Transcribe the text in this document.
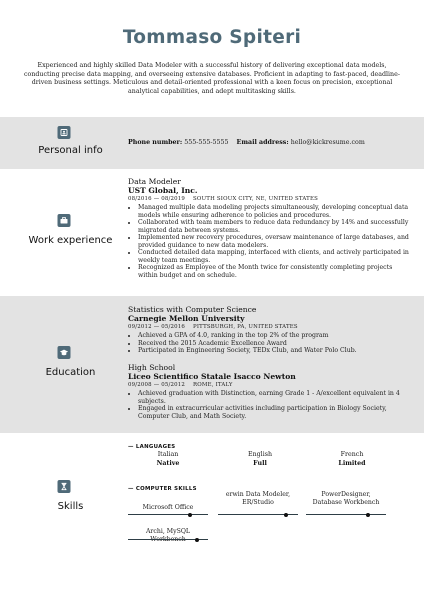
Tommaso Spiteri
Experienced and highly skilled Data Modeler with a successful history of delivering exceptional data models, conducting precise data mapping, and overseeing extensive databases. Proficient in adapting to fast-paced, deadline-driven business settings. Meticulous and detail-oriented professional with a keen focus on precision, exceptional analytical capabilities, and adept multitasking skills.
Personal info
Phone number: 555-555-5555 Email address: hello@kickresume.com
Work experience
Data Modeler
UST Global, Inc.
08/2016 — 08/2019 SOUTH SIOUX CITY, NE, UNITED STATES
• Managed multiple data modeling projects simultaneously, developing conceptual data models while ensuring adherence to policies and procedures.
• Collaborated with team members to reduce data redundancy by 14% and successfully migrated data between systems.
• Implemented new recovery procedures, oversaw maintenance of large databases, and provided guidance to new data modelers.
• Conducted detailed data mapping, interfaced with clients, and actively participated in weekly team meetings.
• Recognized as Employee of the Month twice for consistently completing projects within budget and on schedule.
Education
Statistics with Computer Science
Carnegie Mellon University
09/2012 — 05/2016 PITTSBURGH, PA, UNITED STATES
• Achieved a GPA of 4.0, ranking in the top 2% of the program
• Received the 2015 Academic Excellence Award
• Participated in Engineering Society, TEDx Club, and Water Polo Club.
High School
Liceo Scientifico Statale Isacco Newton
09/2008 — 05/2012 ROME, ITALY
• Achieved graduation with Distinction, earning Grade 1 - A/excellent equivalent in 4 subjects.
• Engaged in extracurricular activities including participation in Biology Society, Computer Club, and Math Society.
Skills
— LANGUAGES
Italian
Native
English
Full
French
Limited
— COMPUTER SKILLS
Microsoft Office
erwin Data Modeler, ER/Studio
PowerDesigner, Database Workbench
Archi, MySQL
